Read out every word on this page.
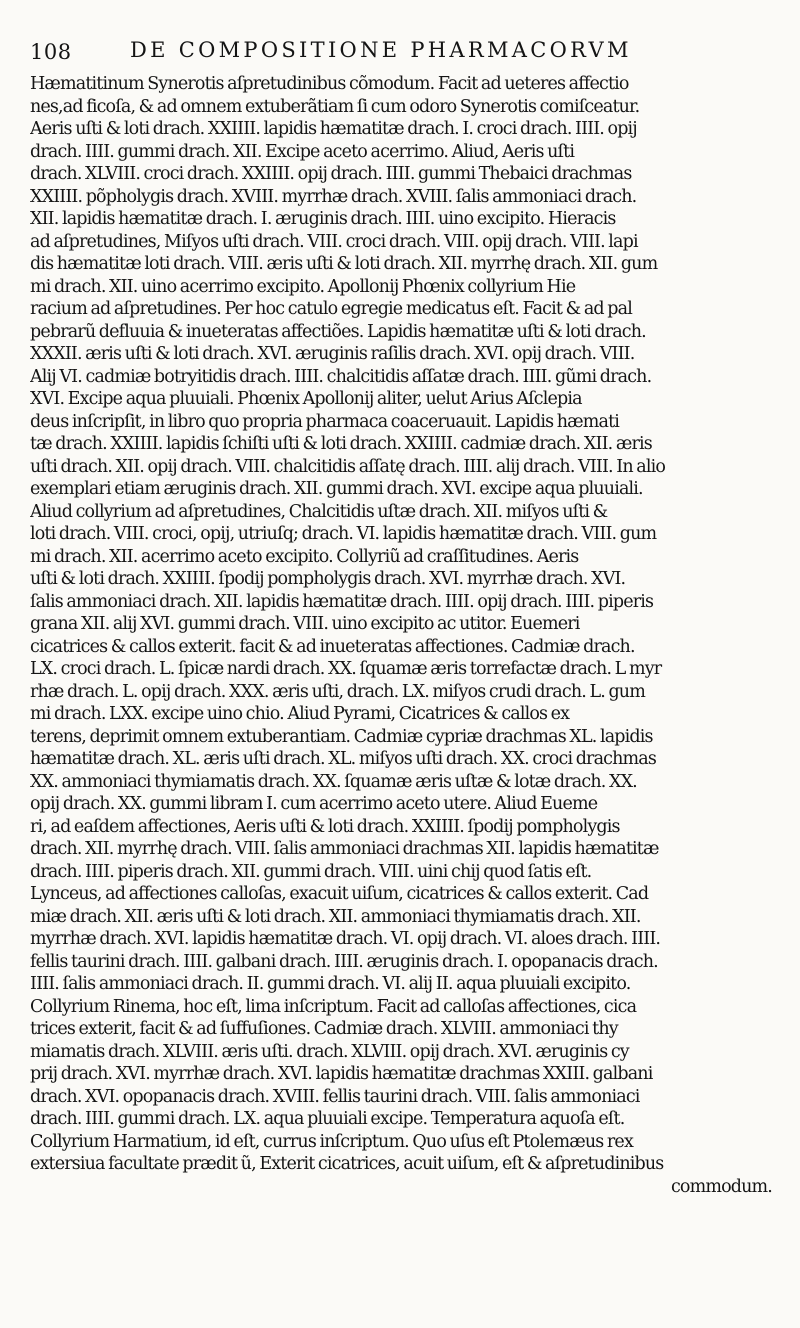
108	DE COMPOSITIONE PHARMACORVM
Hæmatitinum Synerotis aſpretudinibus cõmodum. Facit ad ueteres affectio
nes,ad ficoſa, & ad omnem extuberãtiam ſi cum odoro Synerotis comiſceatur.
Aeris uſti & loti drach. XXIIII. lapidis hæmatitæ drach. I. croci drach. IIII. opij
drach. IIII. gummi drach. XII. Excipe aceto acerrimo. Aliud, Aeris uſti
drach. XLVIII. croci drach. XXIIII. opij drach. IIII. gummi Thebaici drachmas
XXIIII. põpholygis drach. XVIII. myrrhæ drach. XVIII. ſalis ammoniaci drach.
XII. lapidis hæmatitæ drach. I. æruginis drach. IIII. uino excipito. Hieracis
ad aſpretudines, Miſyos uſti drach. VIII. croci drach. VIII. opij drach. VIII. lapi
dis hæmatitæ loti drach. VIII. æris uſti & loti drach. XII. myrrhę drach. XII. gum
mi drach. XII. uino acerrimo excipito. Apollonij Phœnix collyrium Hie
racium ad aſpretudines. Per hoc catulo egregie medicatus eſt. Facit & ad pal
pebrarũ defluuia & inueteratas affectiões. Lapidis hæmatitæ uſti & loti drach.
XXXII. æris uſti & loti drach. XVI. æruginis raſilis drach. XVI. opij drach. VIII.
Alij VI. cadmiæ botryitidis drach. IIII. chalcitidis aſſatæ drach. IIII. gũmi drach.
XVI. Excipe aqua pluuiali. Phœnix Apollonij aliter, uelut Arius Aſclepia
deus inſcripſit, in libro quo propria pharmaca coaceruauit. Lapidis hæmati
tæ drach. XXIIII. lapidis ſchiſti uſti & loti drach. XXIIII. cadmiæ drach. XII. æris
uſti drach. XII. opij drach. VIII. chalcitidis aſſatę drach. IIII. alij drach. VIII. In alio
exemplari etiam æruginis drach. XII. gummi drach. XVI. excipe aqua pluuiali.
Aliud collyrium ad aſpretudines, Chalcitidis uſtæ drach. XII. miſyos uſti &
loti drach. VIII. croci, opij, utriuſq; drach. VI. lapidis hæmatitæ drach. VIII. gum
mi drach. XII. acerrimo aceto excipito. Collyriũ ad craſſitudines. Aeris
uſti & loti drach. XXIIII. ſpodij pompholygis drach. XVI. myrrhæ drach. XVI.
ſalis ammoniaci drach. XII. lapidis hæmatitæ drach. IIII. opij drach. IIII. piperis
grana XII. alij XVI. gummi drach. VIII. uino excipito ac utitor. Euemeri
cicatrices & callos exterit. facit & ad inueteratas affectiones. Cadmiæ drach.
LX. croci drach. L. ſpicæ nardi drach. XX. ſquamæ æris torrefactæ drach. L myr
rhæ drach. L. opij drach. XXX. æris uſti, drach. LX. miſyos crudi drach. L. gum
mi drach. LXX. excipe uino chio. Aliud Pyrami, Cicatrices & callos ex
terens, deprimit omnem extuberantiam. Cadmiæ cypriæ drachmas XL. lapidis
hæmatitæ drach. XL. æris uſti drach. XL. miſyos uſti drach. XX. croci drachmas
XX. ammoniaci thymiamatis drach. XX. ſquamæ æris uſtæ & lotæ drach. XX.
opij drach. XX. gummi libram I. cum acerrimo aceto utere. Aliud Eueme
ri, ad eaſdem affectiones, Aeris uſti & loti drach. XXIIII. ſpodij pompholygis
drach. XII. myrrhę drach. VIII. ſalis ammoniaci drachmas XII. lapidis hæmatitæ
drach. IIII. piperis drach. XII. gummi drach. VIII. uini chij quod ſatis eſt.
Lynceus, ad affectiones calloſas, exacuit uiſum, cicatrices & callos exterit. Cad
miæ drach. XII. æris uſti & loti drach. XII. ammoniaci thymiamatis drach. XII.
myrrhæ drach. XVI. lapidis hæmatitæ drach. VI. opij drach. VI. aloes drach. IIII.
fellis taurini drach. IIII. galbani drach. IIII. æruginis drach. I. opopanacis drach.
IIII. ſalis ammoniaci drach. II. gummi drach. VI. alij II. aqua pluuiali excipito.
Collyrium Rinema, hoc eſt, lima inſcriptum. Facit ad calloſas affectiones, cica
trices exterit, facit & ad ſuffuſiones. Cadmiæ drach. XLVIII. ammoniaci thy
miamatis drach. XLVIII. æris uſti. drach. XLVIII. opij drach. XVI. æruginis cy
prij drach. XVI. myrrhæ drach. XVI. lapidis hæmatitæ drachmas XXIII. galbani
drach. XVI. opopanacis drach. XVIII. fellis taurini drach. VIII. ſalis ammoniaci
drach. IIII. gummi drach. LX. aqua pluuiali excipe. Temperatura aquoſa eſt.
Collyrium Harmatium, id eſt, currus inſcriptum. Quo uſus eſt Ptolemæus rex
extersiua facultate prædit ũ, Exterit cicatrices, acuit uiſum, eſt & aſpretudinibus
commodum.
